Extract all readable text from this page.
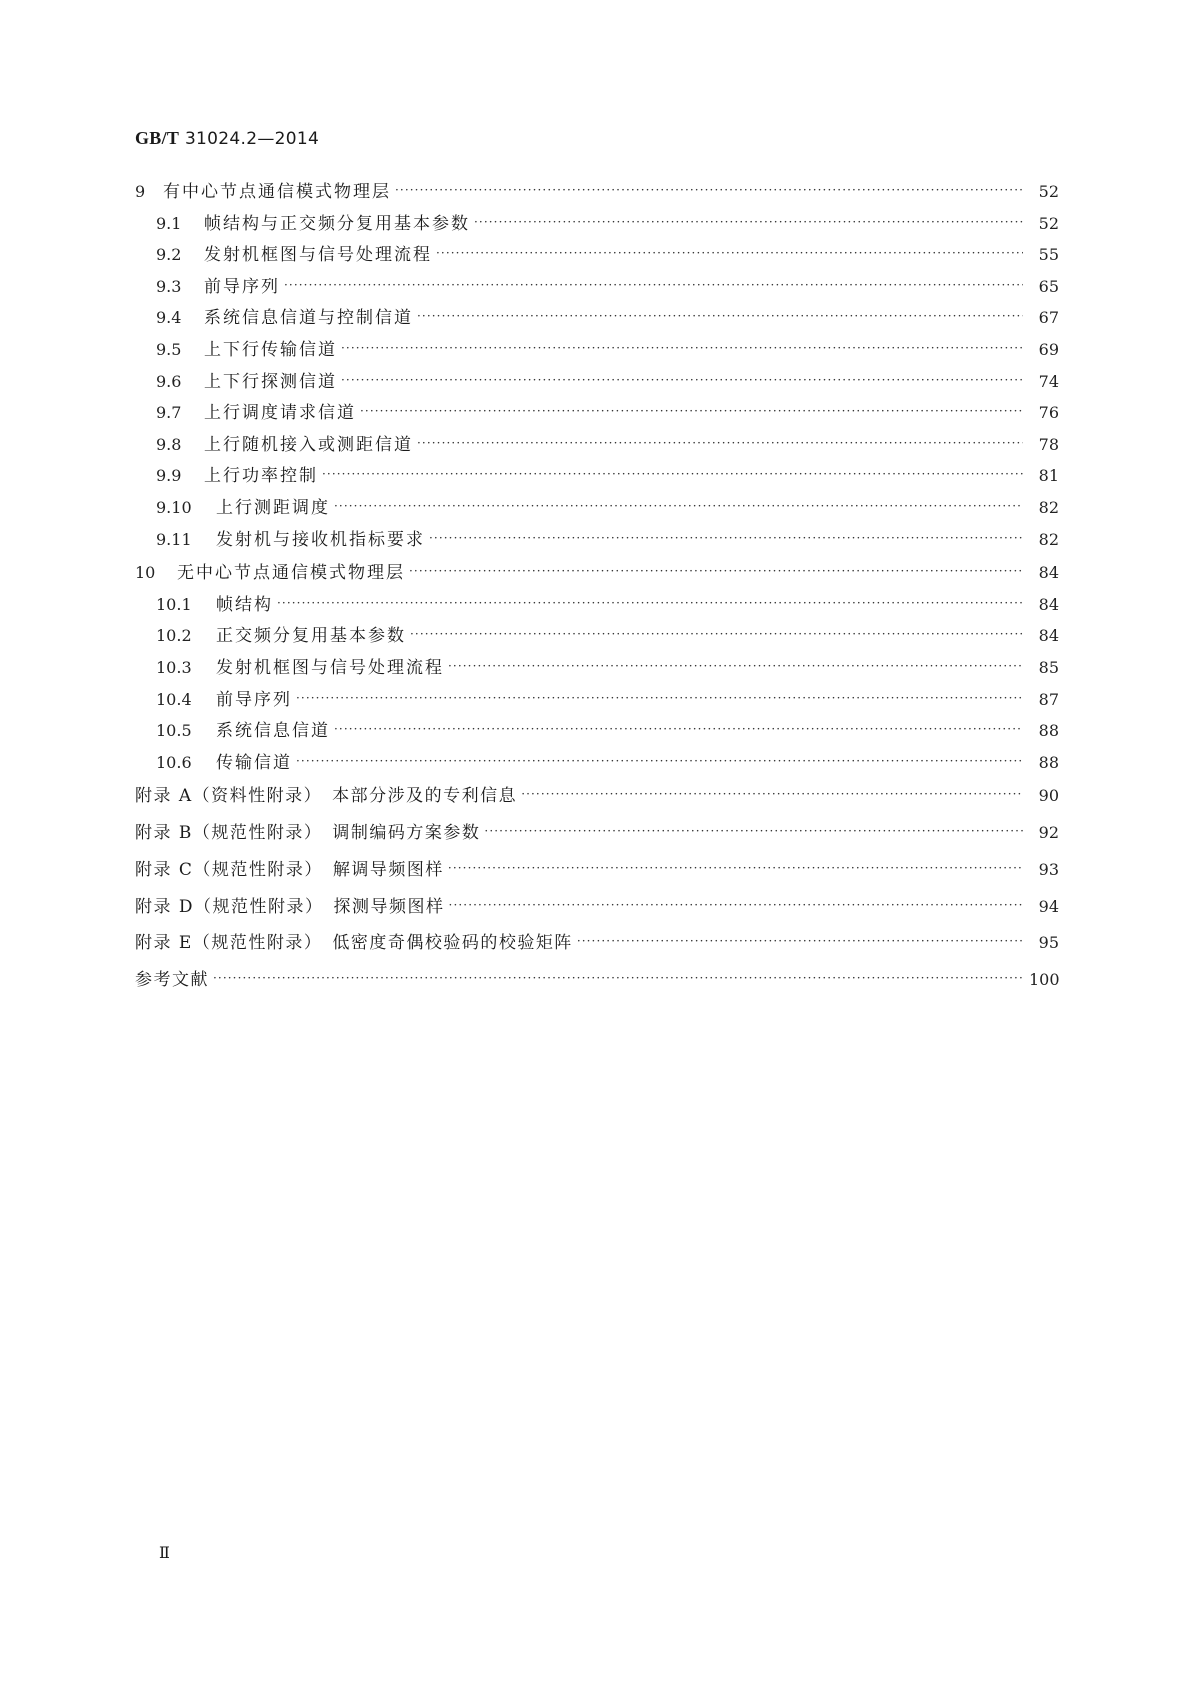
GB/T 31024.2—2014
9	有中心节点通信模式物理层 ·····	52
9.1	帧结构与正交频分复用基本参数 ·····	52
9.2	发射机框图与信号处理流程 ·····	55
9.3	前导序列 ·····	65
9.4	系统信息信道与控制信道 ·····	67
9.5	上下行传输信道 ·····	69
9.6	上下行探测信道 ·····	74
9.7	上行调度请求信道 ·····	76
9.8	上行随机接入或测距信道 ·····	78
9.9	上行功率控制 ·····	81
9.10	上行测距调度 ·····	82
9.11	发射机与接收机指标要求 ·····	82
10	无中心节点通信模式物理层 ·····	84
10.1	帧结构 ·····	84
10.2	正交频分复用基本参数 ·····	84
10.3	发射机框图与信号处理流程 ·····	85
10.4	前导序列 ·····	87
10.5	系统信息信道 ·····	88
10.6	传输信道 ·····	88
附录 A（资料性附录）　本部分涉及的专利信息 ·····	90
附录 B（规范性附录）　调制编码方案参数 ·····	92
附录 C（规范性附录）　解调导频图样 ·····	93
附录 D（规范性附录）　探测导频图样 ·····	94
附录 E（规范性附录）　低密度奇偶校验码的校验矩阵 ·····	95
参考文献 ·····	100
Ⅱ
